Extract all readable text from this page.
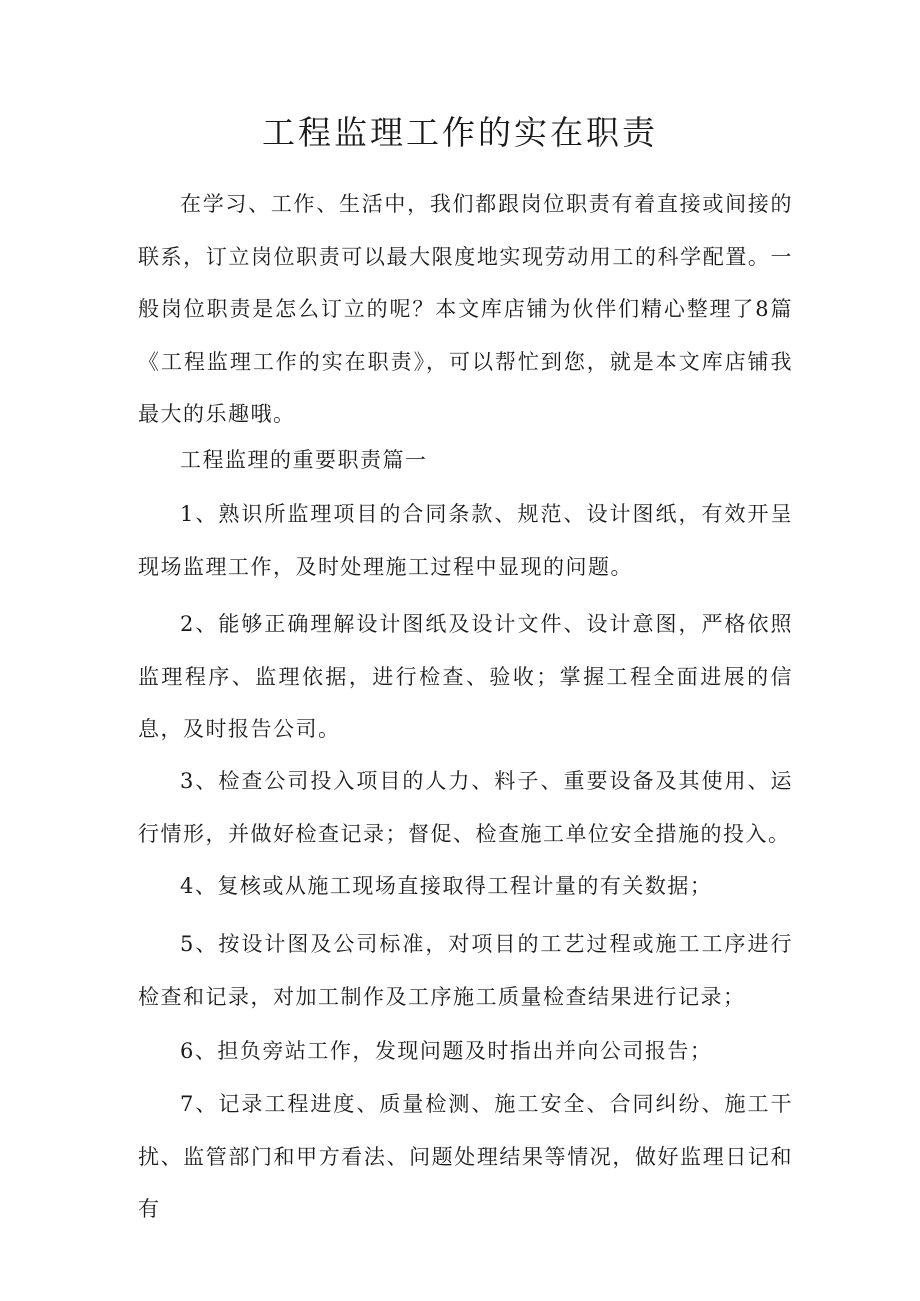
工程监理工作的实在职责

在学习、工作、生活中，我们都跟岗位职责有着直接或间接的联系，订立岗位职责可以最大限度地实现劳动用工的科学配置。一般岗位职责是怎么订立的呢？本文库店铺为伙伴们精心整理了8篇《工程监理工作的实在职责》，可以帮忙到您，就是本文库店铺我最大的乐趣哦。

工程监理的重要职责篇一

1、熟识所监理项目的合同条款、规范、设计图纸，有效开呈现场监理工作，及时处理施工过程中显现的问题。

2、能够正确理解设计图纸及设计文件、设计意图，严格依照监理程序、监理依据，进行检查、验收；掌握工程全面进展的信息，及时报告公司。

3、检查公司投入项目的人力、料子、重要设备及其使用、运行情形，并做好检查记录；督促、检查施工单位安全措施的投入。

4、复核或从施工现场直接取得工程计量的有关数据；

5、按设计图及公司标准，对项目的工艺过程或施工工序进行检查和记录，对加工制作及工序施工质量检查结果进行记录；

6、担负旁站工作，发现问题及时指出并向公司报告；

7、记录工程进度、质量检测、施工安全、合同纠纷、施工干扰、监管部门和甲方看法、问题处理结果等情况，做好监理日记和有
